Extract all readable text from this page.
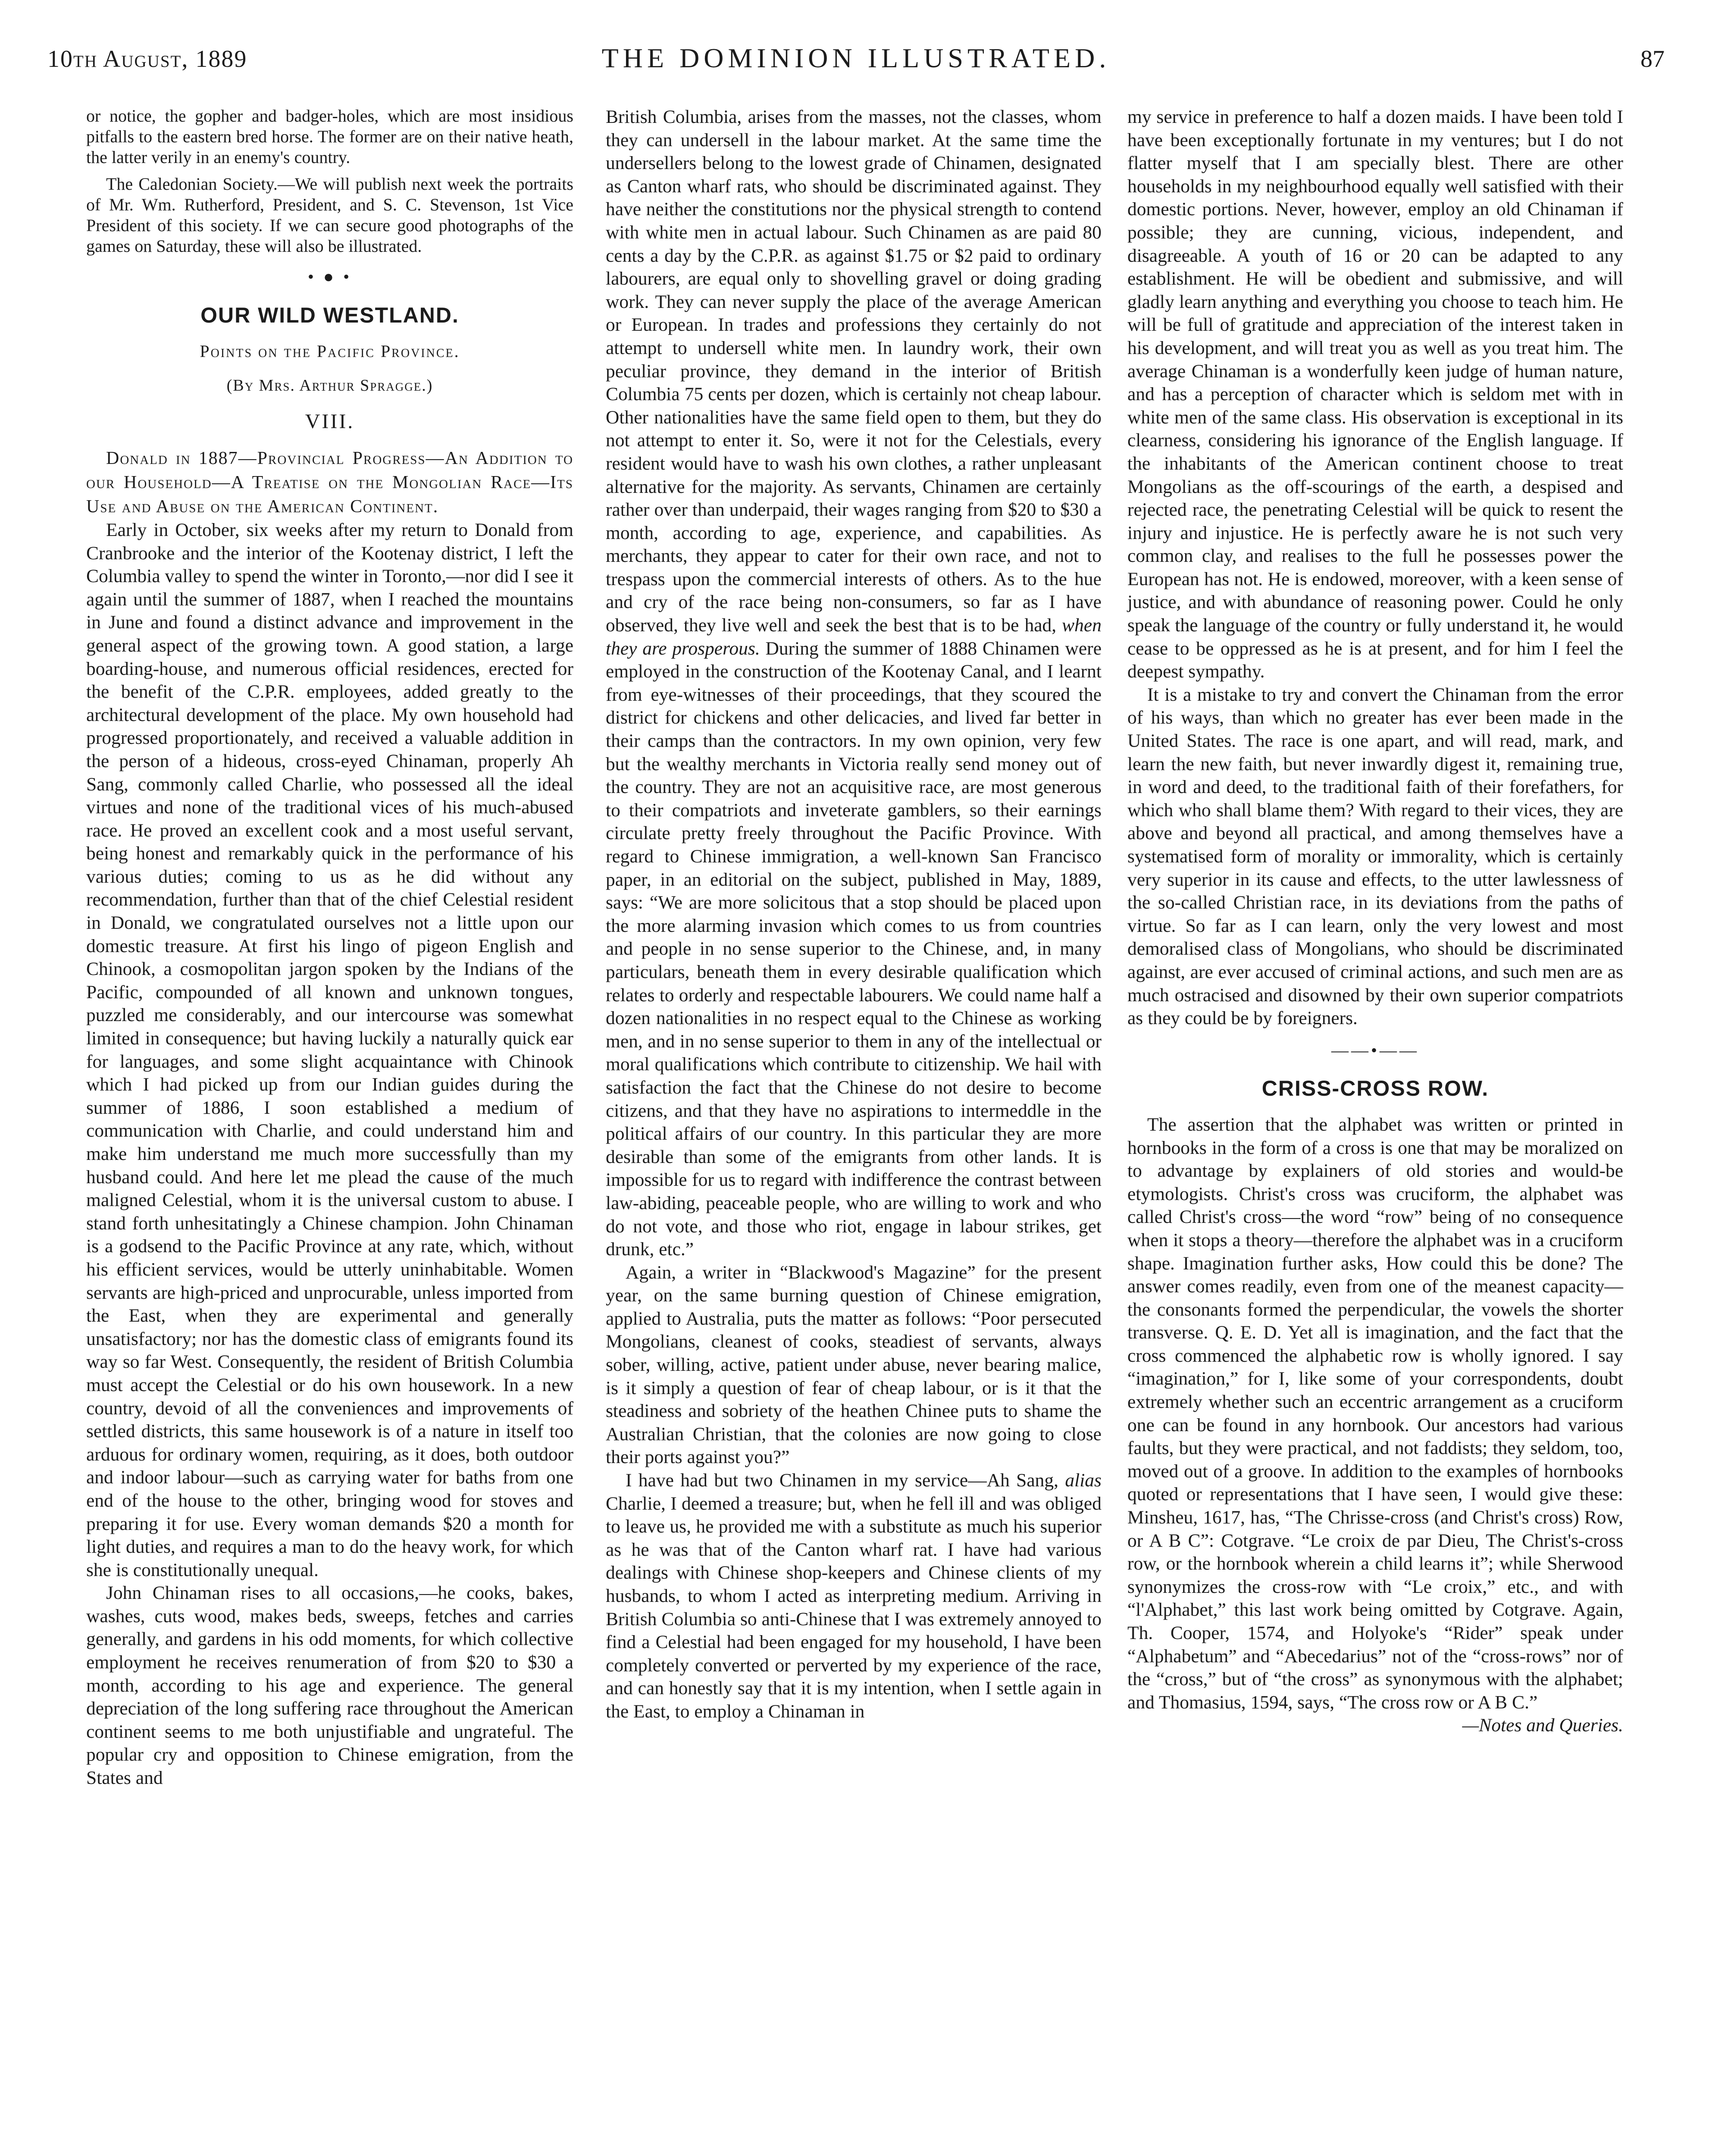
10th August, 1889	THE DOMINION ILLUSTRATED.	87

or notice, the gopher and badger-holes, which are most insidious pitfalls to the eastern bred horse. The former are on their native heath, the latter verily in an enemy's country.

The Caledonian Society.—We will publish next week the portraits of Mr. Wm. Rutherford, President, and S. C. Stevenson, 1st Vice President of this society. If we can secure good photographs of the games on Saturday, these will also be illustrated.

• ● •
OUR WILD WESTLAND.
Points on the Pacific Province.
(By Mrs. Arthur Spragge.)
VIII.

Donald in 1887—Provincial Progress—An Addition to our Household—A Treatise on the Mongolian Race—Its Use and Abuse on the American Continent.

Early in October, six weeks after my return to Donald from Cranbrooke and the interior of the Kootenay district, I left the Columbia valley to spend the winter in Toronto,—nor did I see it again until the summer of 1887, when I reached the mountains in June and found a distinct advance and improvement in the general aspect of the growing town. A good station, a large boarding-house, and numerous official residences, erected for the benefit of the C.P.R. employees, added greatly to the architectural development of the place. My own household had progressed proportionately, and received a valuable addition in the person of a hideous, cross-eyed Chinaman, properly Ah Sang, commonly called Charlie, who possessed all the ideal virtues and none of the traditional vices of his much-abused race. He proved an excellent cook and a most useful servant, being honest and remarkably quick in the performance of his various duties; coming to us as he did without any recommendation, further than that of the chief Celestial resident in Donald, we congratulated ourselves not a little upon our domestic treasure. At first his lingo of pigeon English and Chinook, a cosmopolitan jargon spoken by the Indians of the Pacific, compounded of all known and unknown tongues, puzzled me considerably, and our intercourse was somewhat limited in consequence; but having luckily a naturally quick ear for languages, and some slight acquaintance with Chinook which I had picked up from our Indian guides during the summer of 1886, I soon established a medium of communication with Charlie, and could understand him and make him understand me much more successfully than my husband could. And here let me plead the cause of the much maligned Celestial, whom it is the universal custom to abuse. I stand forth unhesitatingly a Chinese champion. John Chinaman is a godsend to the Pacific Province at any rate, which, without his efficient services, would be utterly uninhabitable. Women servants are high-priced and unprocurable, unless imported from the East, when they are experimental and generally unsatisfactory; nor has the domestic class of emigrants found its way so far West. Consequently, the resident of British Columbia must accept the Celestial or do his own housework. In a new country, devoid of all the conveniences and improvements of settled districts, this same housework is of a nature in itself too arduous for ordinary women, requiring, as it does, both outdoor and indoor labour—such as carrying water for baths from one end of the house to the other, bringing wood for stoves and preparing it for use. Every woman demands $20 a month for light duties, and requires a man to do the heavy work, for which she is constitutionally unequal.

John Chinaman rises to all occasions,—he cooks, bakes, washes, cuts wood, makes beds, sweeps, fetches and carries generally, and gardens in his odd moments, for which collective employment he receives renumeration of from $20 to $30 a month, according to his age and experience. The general depreciation of the long suffering race throughout the American continent seems to me both unjustifiable and ungrateful. The popular cry and opposition to Chinese emigration, from the States and

British Columbia, arises from the masses, not the classes, whom they can undersell in the labour market. At the same time the undersellers belong to the lowest grade of Chinamen, designated as Canton wharf rats, who should be discriminated against. They have neither the constitutions nor the physical strength to contend with white men in actual labour. Such Chinamen as are paid 80 cents a day by the C.P.R. as against $1.75 or $2 paid to ordinary labourers, are equal only to shovelling gravel or doing grading work. They can never supply the place of the average American or European. In trades and professions they certainly do not attempt to undersell white men. In laundry work, their own peculiar province, they demand in the interior of British Columbia 75 cents per dozen, which is certainly not cheap labour. Other nationalities have the same field open to them, but they do not attempt to enter it. So, were it not for the Celestials, every resident would have to wash his own clothes, a rather unpleasant alternative for the majority. As servants, Chinamen are certainly rather over than underpaid, their wages ranging from $20 to $30 a month, according to age, experience, and capabilities. As merchants, they appear to cater for their own race, and not to trespass upon the commercial interests of others. As to the hue and cry of the race being non-consumers, so far as I have observed, they live well and seek the best that is to be had, when they are prosperous. During the summer of 1888 Chinamen were employed in the construction of the Kootenay Canal, and I learnt from eye-witnesses of their proceedings, that they scoured the district for chickens and other delicacies, and lived far better in their camps than the contractors. In my own opinion, very few but the wealthy merchants in Victoria really send money out of the country. They are not an acquisitive race, are most generous to their compatriots and inveterate gamblers, so their earnings circulate pretty freely throughout the Pacific Province. With regard to Chinese immigration, a well-known San Francisco paper, in an editorial on the subject, published in May, 1889, says: “We are more solicitous that a stop should be placed upon the more alarming invasion which comes to us from countries and people in no sense superior to the Chinese, and, in many particulars, beneath them in every desirable qualification which relates to orderly and respectable labourers. We could name half a dozen nationalities in no respect equal to the Chinese as working men, and in no sense superior to them in any of the intellectual or moral qualifications which contribute to citizenship. We hail with satisfaction the fact that the Chinese do not desire to become citizens, and that they have no aspirations to intermeddle in the political affairs of our country. In this particular they are more desirable than some of the emigrants from other lands. It is impossible for us to regard with indifference the contrast between law-abiding, peaceable people, who are willing to work and who do not vote, and those who riot, engage in labour strikes, get drunk, etc.”

Again, a writer in “Blackwood's Magazine” for the present year, on the same burning question of Chinese emigration, applied to Australia, puts the matter as follows: “Poor persecuted Mongolians, cleanest of cooks, steadiest of servants, always sober, willing, active, patient under abuse, never bearing malice, is it simply a question of fear of cheap labour, or is it that the steadiness and sobriety of the heathen Chinee puts to shame the Australian Christian, that the colonies are now going to close their ports against you?”

I have had but two Chinamen in my service—Ah Sang, alias Charlie, I deemed a treasure; but, when he fell ill and was obliged to leave us, he provided me with a substitute as much his superior as he was that of the Canton wharf rat. I have had various dealings with Chinese shop-keepers and Chinese clients of my husbands, to whom I acted as interpreting medium. Arriving in British Columbia so anti-Chinese that I was extremely annoyed to find a Celestial had been engaged for my household, I have been completely converted or perverted by my experience of the race, and can honestly say that it is my intention, when I settle again in the East, to employ a Chinaman in

my service in preference to half a dozen maids. I have been told I have been exceptionally fortunate in my ventures; but I do not flatter myself that I am specially blest. There are other households in my neighbourhood equally well satisfied with their domestic portions. Never, however, employ an old Chinaman if possible; they are cunning, vicious, independent, and disagreeable. A youth of 16 or 20 can be adapted to any establishment. He will be obedient and submissive, and will gladly learn anything and everything you choose to teach him. He will be full of gratitude and appreciation of the interest taken in his development, and will treat you as well as you treat him. The average Chinaman is a wonderfully keen judge of human nature, and has a perception of character which is seldom met with in white men of the same class. His observation is exceptional in its clearness, considering his ignorance of the English language. If the inhabitants of the American continent choose to treat Mongolians as the off-scourings of the earth, a despised and rejected race, the penetrating Celestial will be quick to resent the injury and injustice. He is perfectly aware he is not such very common clay, and realises to the full he possesses power the European has not. He is endowed, moreover, with a keen sense of justice, and with abundance of reasoning power. Could he only speak the language of the country or fully understand it, he would cease to be oppressed as he is at present, and for him I feel the deepest sympathy.

It is a mistake to try and convert the Chinaman from the error of his ways, than which no greater has ever been made in the United States. The race is one apart, and will read, mark, and learn the new faith, but never inwardly digest it, remaining true, in word and deed, to the traditional faith of their forefathers, for which who shall blame them? With regard to their vices, they are above and beyond all practical, and among themselves have a systematised form of morality or immorality, which is certainly very superior in its cause and effects, to the utter lawlessness of the so-called Christian race, in its deviations from the paths of virtue. So far as I can learn, only the very lowest and most demoralised class of Mongolians, who should be discriminated against, are ever accused of criminal actions, and such men are as much ostracised and disowned by their own superior compatriots as they could be by foreigners.

——•——
CRISS-CROSS ROW.

The assertion that the alphabet was written or printed in hornbooks in the form of a cross is one that may be moralized on to advantage by explainers of old stories and would-be etymologists. Christ's cross was cruciform, the alphabet was called Christ's cross—the word “row” being of no consequence when it stops a theory—therefore the alphabet was in a cruciform shape. Imagination further asks, How could this be done? The answer comes readily, even from one of the meanest capacity—the consonants formed the perpendicular, the vowels the shorter transverse. Q. E. D. Yet all is imagination, and the fact that the cross commenced the alphabetic row is wholly ignored. I say “imagination,” for I, like some of your correspondents, doubt extremely whether such an eccentric arrangement as a cruciform one can be found in any hornbook. Our ancestors had various faults, but they were practical, and not faddists; they seldom, too, moved out of a groove. In addition to the examples of hornbooks quoted or representations that I have seen, I would give these: Minsheu, 1617, has, “The Chrisse-cross (and Christ's cross) Row, or A B C”: Cotgrave. “Le croix de par Dieu, The Christ's-cross row, or the hornbook wherein a child learns it”; while Sherwood synonymizes the cross-row with “Le croix,” etc., and with “l'Alphabet,” this last work being omitted by Cotgrave. Again, Th. Cooper, 1574, and Holyoke's “Rider” speak under “Alphabetum” and “Abecedarius” not of the “cross-rows” nor of the “cross,” but of “the cross” as synonymous with the alphabet; and Thomasius, 1594, says, “The cross row or A B C.”

—Notes and Queries.
